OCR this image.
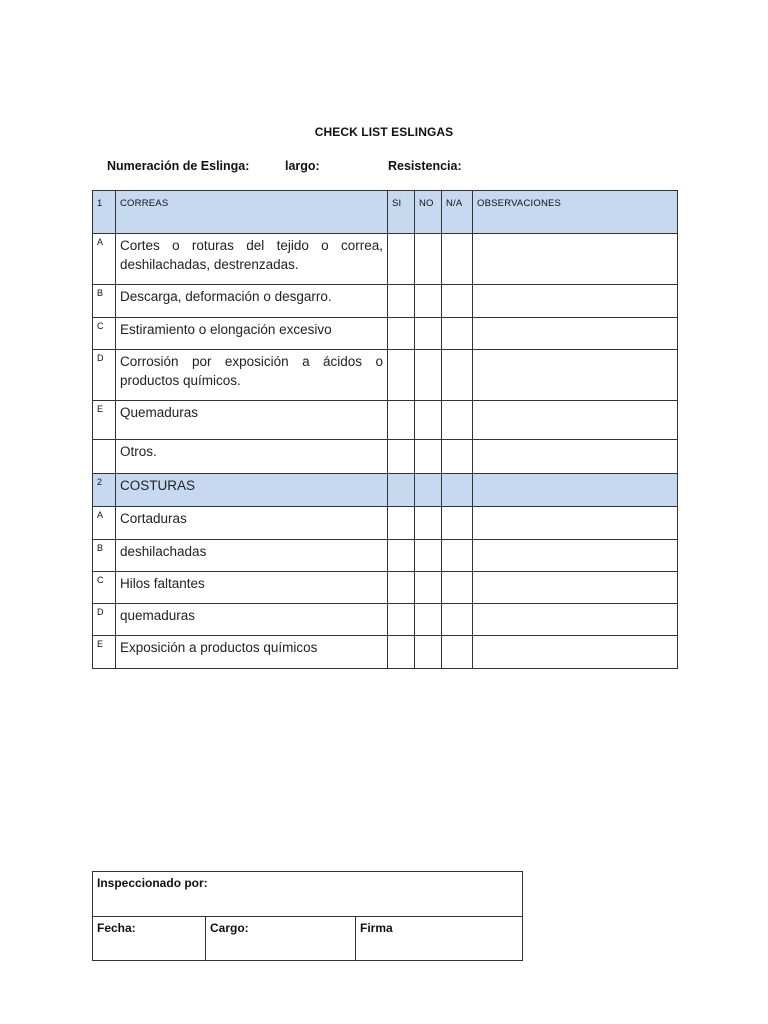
CHECK LIST ESLINGAS
Numeración de Eslinga:	largo:	Resistencia:
1	CORREAS	SI	NO	N/A	OBSERVACIONES
A	Cortes o roturas del tejido o correa, deshilachadas, destrenzadas.				
B	Descarga, deformación o desgarro.				
C	Estiramiento o elongación excesivo				
D	Corrosión por exposición a ácidos o productos químicos.				
E	Quemaduras				
	Otros.				
2	COSTURAS				
A	Cortaduras				
B	deshilachadas				
C	Hilos faltantes				
D	quemaduras				
E	Exposición a productos químicos				
Inspeccionado por:
Fecha:	Cargo:	Firma
